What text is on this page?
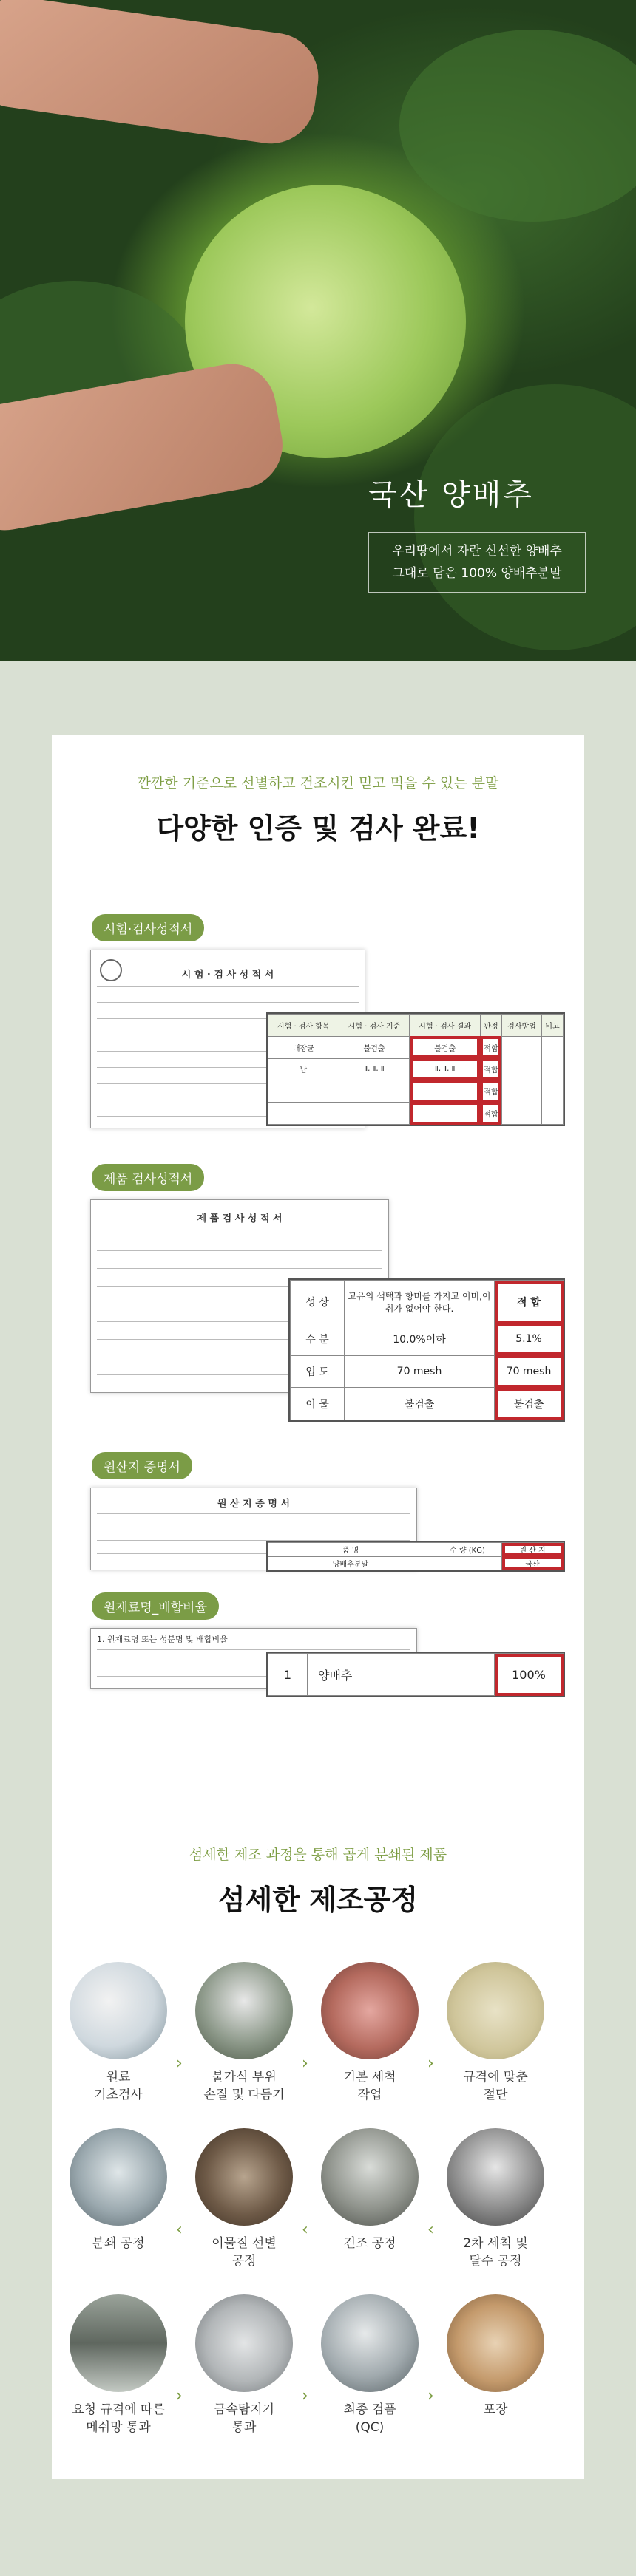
국산 양배추
우리땅에서 자란 신선한 양배추
그대로 담은 100% 양배추분말
깐깐한 기준으로 선별하고 건조시킨 믿고 먹을 수 있는 분말
다양한 인증 및 검사 완료!
시험·검사성적서
시 험 · 검 사 성 적 서
시험 · 검사 항목	시험 · 검사 기준	시험 · 검사 결과	판정	검사방법	비고
대장균	불검출	불검출	적합		
납	Ⅱ, Ⅱ, Ⅱ	Ⅱ, Ⅱ, Ⅱ	적합		
			적합		
			적합		
제품 검사성적서
제 품 검 사 성 적 서
성 상	고유의 색택과 향미를 가지고 이미,이취가 없어야 한다.	적 합
수 분	10.0%이하	5.1%
입 도	70 mesh	70 mesh
이 물	불검출	불검출
원산지 증명서
원 산 지 증 명 서
품 명	수 량 (KG)	원 산 지
양배추분말		국산
원재료명_배합비율
1. 원재료명 또는 성분명 및 배합비율
1	양배추	100%
섬세한 제조 과정을 통해 곱게 분쇄된 제품
섬세한 제조공정
원료
기초검사
›
불가식 부위
손질 및 다듬기
›
기본 세척
작업
›
규격에 맞춘
절단
분쇄 공정
‹
이물질 선별
공정
‹
건조 공정
‹
2차 세척 및
탈수 공정
요청 규격에 따른
메쉬망 통과
›
금속탐지기
통과
›
최종 검품
(QC)
›
포장
